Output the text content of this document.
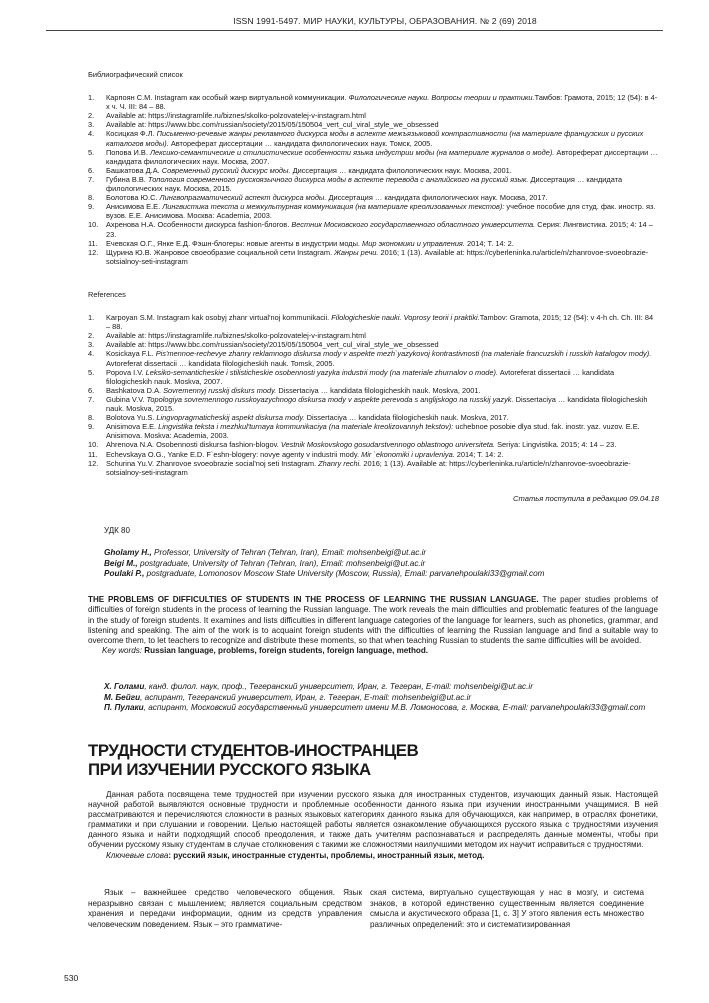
ISSN 1991-5497. МИР НАУКИ, КУЛЬТУРЫ, ОБРАЗОВАНИЯ. № 2 (69) 2018
Библиографический список
1.	Карпоян С.М. Instagram как особый жанр виртуальной коммуникации. Филологические науки. Вопросы теории и практики.Тамбов: Грамота, 2015; 12 (54): в 4-х ч. Ч. III: 84 – 88.
2.	Available at: https://instagramlife.ru/biznes/skolko-polzovatelej-v-instagram.html
3.	Available at: https://www.bbc.com/russian/society/2015/05/150504_vert_cul_viral_style_we_obsessed
4.	Косицкая Ф.Л. Письменно-речевые жанры рекламного дискурса моды в аспекте межъязыковой контрастивности (на материале французских и русских каталогов моды). Автореферат диссертации … кандидата филологических наук. Томск, 2005.
5.	Попова И.В. Лексико-семантические и стилистические особенности языка индустрии моды (на материале журналов о моде). Автореферат диссертации … кандидата филологических наук. Москва, 2007.
6.	Башкатова Д.А. Современный русский дискурс моды. Диссертация … кандидата филологических наук. Москва, 2001.
7.	Губина В.В. Топология современного русскоязычного дискурса моды в аспекте перевода с английского на русский язык. Диссертация … кандидата филологических наук. Москва, 2015.
8.	Болотова Ю.С. Лингвопрагматический аспект дискурса моды. Диссертация … кандидата филологических наук. Москва, 2017.
9.	Анисимова Е.Е. Лингвистика текста и межкультурная коммуникация (на материале креолизованных текстов): учебное пособие для студ. фак. иностр. яз. вузов. Е.Е. Анисимова. Москва: Academia, 2003.
10.	Ахренова Н.А. Особенности дискурса fashion-блогов. Вестник Московского государственного областного университета. Серия: Лингвистика. 2015; 4: 14 – 23.
11.	Ечевская О.Г., Янке Е.Д. Фэшн-блогеры: новые агенты в индустрии моды. Мир экономики и управления. 2014; Т. 14: 2.
12.	Щурина Ю.В. Жанровое своеобразие социальной сети Instagram. Жанры речи. 2016; 1 (13). Available at: https://cyberleninka.ru/article/n/zhanrovoe-svoeobrazie-sotsialnoy-seti-instagram
References
1.	Karpoyan S.M. Instagram kak osobyj zhanr virtual'noj kommunikacii. Filologicheskie nauki. Voprosy teorii i praktiki.Tambov: Gramota, 2015; 12 (54): v 4-h ch. Ch. III: 84 – 88.
2.	Available at: https://instagramlife.ru/biznes/skolko-polzovatelej-v-instagram.html
3.	Available at: https://www.bbc.com/russian/society/2015/05/150504_vert_cul_viral_style_we_obsessed
4.	Kosickaya F.L. Pis'mennoe-rechevye zhanry reklamnogo diskursa mody v aspekte mezh`yazykovoj kontrastivnosti (na materiale francuzskih i russkih katalogov mody). Avtoreferat dissertacii … kandidata filologicheskih nauk. Tomsk, 2005.
5.	Popova I.V. Leksiko-semanticheskie i stilisticheskie osobennosti yazyka industrii mody (na materiale zhurnalov o mode). Avtoreferat dissertacii … kandidata filologicheskih nauk. Moskva, 2007.
6.	Bashkatova D.A. Sovremennyj russkij diskurs mody. Dissertaciya … kandidata filologicheskih nauk. Moskva, 2001.
7.	Gubina V.V. Topologiya sovremennogo russkoyazychnogo diskursa mody v aspekte perevoda s anglijskogo na russkij yazyk. Dissertaciya … kandidata filologicheskih nauk. Moskva, 2015.
8.	Bolotova Yu.S. Lingvopragmaticheskij aspekt diskursa mody. Dissertaciya … kandidata filologicheskih nauk. Moskva, 2017.
9.	Anisimova E.E. Lingvistika teksta i mezhkul'turnaya kommunikaciya (na materiale kreolizovannyh tekstov): uchebnoe posobie dlya stud. fak. inostr. yaz. vuzov. E.E. Anisimova. Moskva: Academia, 2003.
10.	Ahrenova N.A. Osobennosti diskursa fashion-blogov. Vestnik Moskovskogo gosudarstvennogo oblastnogo universiteta. Seriya: Lingvistika. 2015; 4: 14 – 23.
11.	Echevskaya O.G., Yanke E.D. F`eshn-blogery: novye agenty v industrii mody. Mir `ekonomiki i upravleniya. 2014; T. 14: 2.
12.	Schurina Yu.V. Zhanrovoe svoeobrazie social'noj seti Instagram. Zhanry rechi. 2016; 1 (13). Available at: https://cyberleninka.ru/article/n/zhanrovoe-svoeobrazie-sotsialnoy-seti-instagram
Статья поступила в редакцию 09.04.18
УДК 80
Gholamy H., Professor, University of Tehran (Tehran, Iran), Email: mohsenbeigi@ut.ac.ir
Beigi M., postgraduate, University of Tehran (Tehran, Iran), Email: mohsenbeigi@ut.ac.ir
Poulaki P., postgraduate, Lomonosov Moscow State University (Moscow, Russia), Email: parvanehpoulaki33@gmail.com
THE PROBLEMS OF DIFFICULTIES OF STUDENTS IN THE PROCESS OF LEARNING THE RUSSIAN LANGUAGE. The paper studies problems of difficulties of foreign students in the process of learning the Russian language. The work reveals the main difficulties and problematic features of the language in the study of foreign students. It examines and lists difficulties in different language categories of the language for learners, such as phonetics, grammar, and listening and speaking. The aim of the work is to acquaint foreign students with the difficulties of learning the Russian language and find a suitable way to overcome them, to let teachers to recognize and distribute these moments, so that when teaching Russian to students the same difficulties will be avoided.
Key words: Russian language, problems, foreign students, foreign language, method.
Х. Голами, канд. филол. наук, проф., Тегеранский университет, Иран, г. Тегеран, E-mail: mohsenbeigi@ut.ac.ir
М. Бейги, аспирант, Тегеранский университет, Иран, г. Тегеран, E-mail: mohsenbeigi@ut.ac.ir
П. Пулаки, аспирант, Московский государственный университет имени М.В. Ломоносова, г. Москва, E-mail: parvanehpoulaki33@gmail.com
ТРУДНОСТИ СТУДЕНТОВ-ИНОСТРАНЦЕВ
ПРИ ИЗУЧЕНИИ РУССКОГО ЯЗЫКА

Данная работа посвящена теме трудностей при изучении русского языка для иностранных студентов, изучающих данный язык. Настоящей научной работой выявляются основные трудности и проблемные особенности данного языка при изучении иностранными учащимися. В ней рассматриваются и перечисляются сложности в разных языковых категориях данного языка для обучающихся, как например, в отраслях фонетики, грамматики и при слушании и говорении. Целью настоящей работы является ознакомление обучающихся русского языка с трудностями изучения данного языка и найти подходящий способ преодоления, и также дать учителям распознаваться и распределять данные моменты, чтобы при обучении русскому языку студентам в случае столкновения с такими же сложностями наилучшими методом их научит исправиться с трудностями.

Ключевые слова: русский язык, иностранные студенты, проблемы, иностранный язык, метод.

Язык – важнейшее средство человеческого общения. Язык неразрывно связан с мышлением; является социальным средством хранения и передачи информации, одним из средств управления человеческим поведением. Язык – это грамматиче-
ская система, виртуально существующая у нас в мозгу, и система знаков, в которой единственно существенным является соединение смысла и акустического образа [1, с. 3] У этого явления есть множество различных определений: это и систематизированная
530
